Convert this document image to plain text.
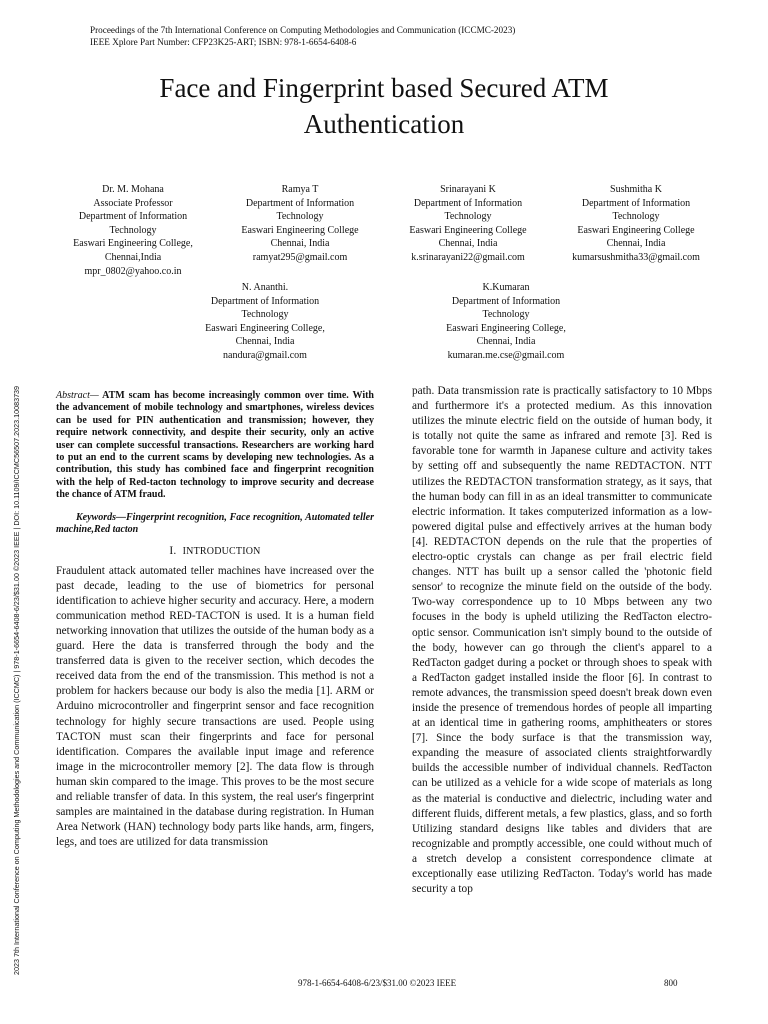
Proceedings of the 7th International Conference on Computing Methodologies and Communication (ICCMC-2023)
IEEE Xplore Part Number: CFP23K25-ART; ISBN: 978-1-6654-6408-6
Face and Fingerprint based Secured ATM
Authentication
2023 7th International Conference on Computing Methodologies and Communication (ICCMC) | 978-1-6654-6408-6/23/$31.00 ©2023 IEEE | DOI: 10.1109/ICCMC56507.2023.10083739
Dr. M. Mohana
Associate Professor
Department of Information
Technology
Easwari Engineering College,
Chennai,India
mpr_0802@yahoo.co.in
Ramya T
Department of Information
Technology
Easwari Engineering College
Chennai, India
ramyat295@gmail.com
Srinarayani K
Department of Information
Technology
Easwari Engineering College
Chennai, India
k.srinarayani22@gmail.com
Sushmitha K
Department of Information
Technology
Easwari Engineering College
Chennai, India
kumarsushmitha33@gmail.com
N. Ananthi.
Department of Information
Technology
Easwari Engineering College,
Chennai, India
nandura@gmail.com
K.Kumaran
Department of Information
Technology
Easwari Engineering College,
Chennai, India
kumaran.me.cse@gmail.com
Abstract— ATM scam has become increasingly common over time. With the advancement of mobile technology and smartphones, wireless devices can be used for PIN authentication and transmission; however, they require network connectivity, and despite their security, only an active user can complete successful transactions. Researchers are working hard to put an end to the current scams by developing new technologies. As a contribution, this study has combined face and fingerprint recognition with the help of Red-tacton technology to improve security and decrease the chance of ATM fraud.
Keywords—Fingerprint recognition, Face recognition, Automated teller machine,Red tacton
I. INTRODUCTION

Fraudulent attack automated teller machines have increased over the past decade, leading to the use of biometrics for personal identification to achieve higher security and accuracy. Here, a modern communication method RED-TACTON is used. It is a human field networking innovation that utilizes the outside of the human body as a guard. Here the data is transferred through the body and the transferred data is given to the receiver section, which decodes the received data from the end of the transmission. This method is not a problem for hackers because our body is also the media [1]. ARM or Arduino microcontroller and fingerprint sensor and face recognition technology for highly secure transactions are used. People using TACTON must scan their fingerprints and face for personal identification. Compares the available input image and reference image in the microcontroller memory [2]. The data flow is through human skin compared to the image. This proves to be the most secure and reliable transfer of data. In this system, the real user's fingerprint samples are maintained in the database during registration. In Human Area Network (HAN) technology body parts like hands, arm, fingers, legs, and toes are utilized for data transmission

path. Data transmission rate is practically satisfactory to 10 Mbps and furthermore it's a protected medium. As this innovation utilizes the minute electric field on the outside of human body, it is totally not quite the same as infrared and remote [3]. Red is favorable tone for warmth in Japanese culture and activity takes by setting off and subsequently the name REDTACTON. NTT utilizes the REDTACTON transformation strategy, as it says, that the human body can fill in as an ideal transmitter to communicate electric information. It takes computerized information as a low-powered digital pulse and effectively arrives at the human body [4]. REDTACTON depends on the rule that the properties of electro-optic crystals can change as per frail electric field changes. NTT has built up a sensor called the 'photonic field sensor' to recognize the minute field on the outside of the body. Two-way correspondence up to 10 Mbps between any two focuses in the body is upheld utilizing the RedTacton electro-optic sensor. Communication isn't simply bound to the outside of the body, however can go through the client's apparel to a RedTacton gadget during a pocket or through shoes to speak with a RedTacton gadget installed inside the floor [6]. In contrast to remote advances, the transmission speed doesn't break down even inside the presence of tremendous hordes of people all imparting at an identical time in gathering rooms, amphitheaters or stores [7]. Since the body surface is that the transmission way, expanding the measure of associated clients straightforwardly builds the accessible number of individual channels. RedTacton can be utilized as a vehicle for a wide scope of materials as long as the material is conductive and dielectric, including water and different fluids, different metals, a few plastics, glass, and so forth Utilizing standard designs like tables and dividers that are recognizable and promptly accessible, one could without much of a stretch develop a consistent correspondence climate at exceptionally ease utilizing RedTacton. Today's world has made security a top

978-1-6654-6408-6/23/$31.00 ©2023 IEEE	800
